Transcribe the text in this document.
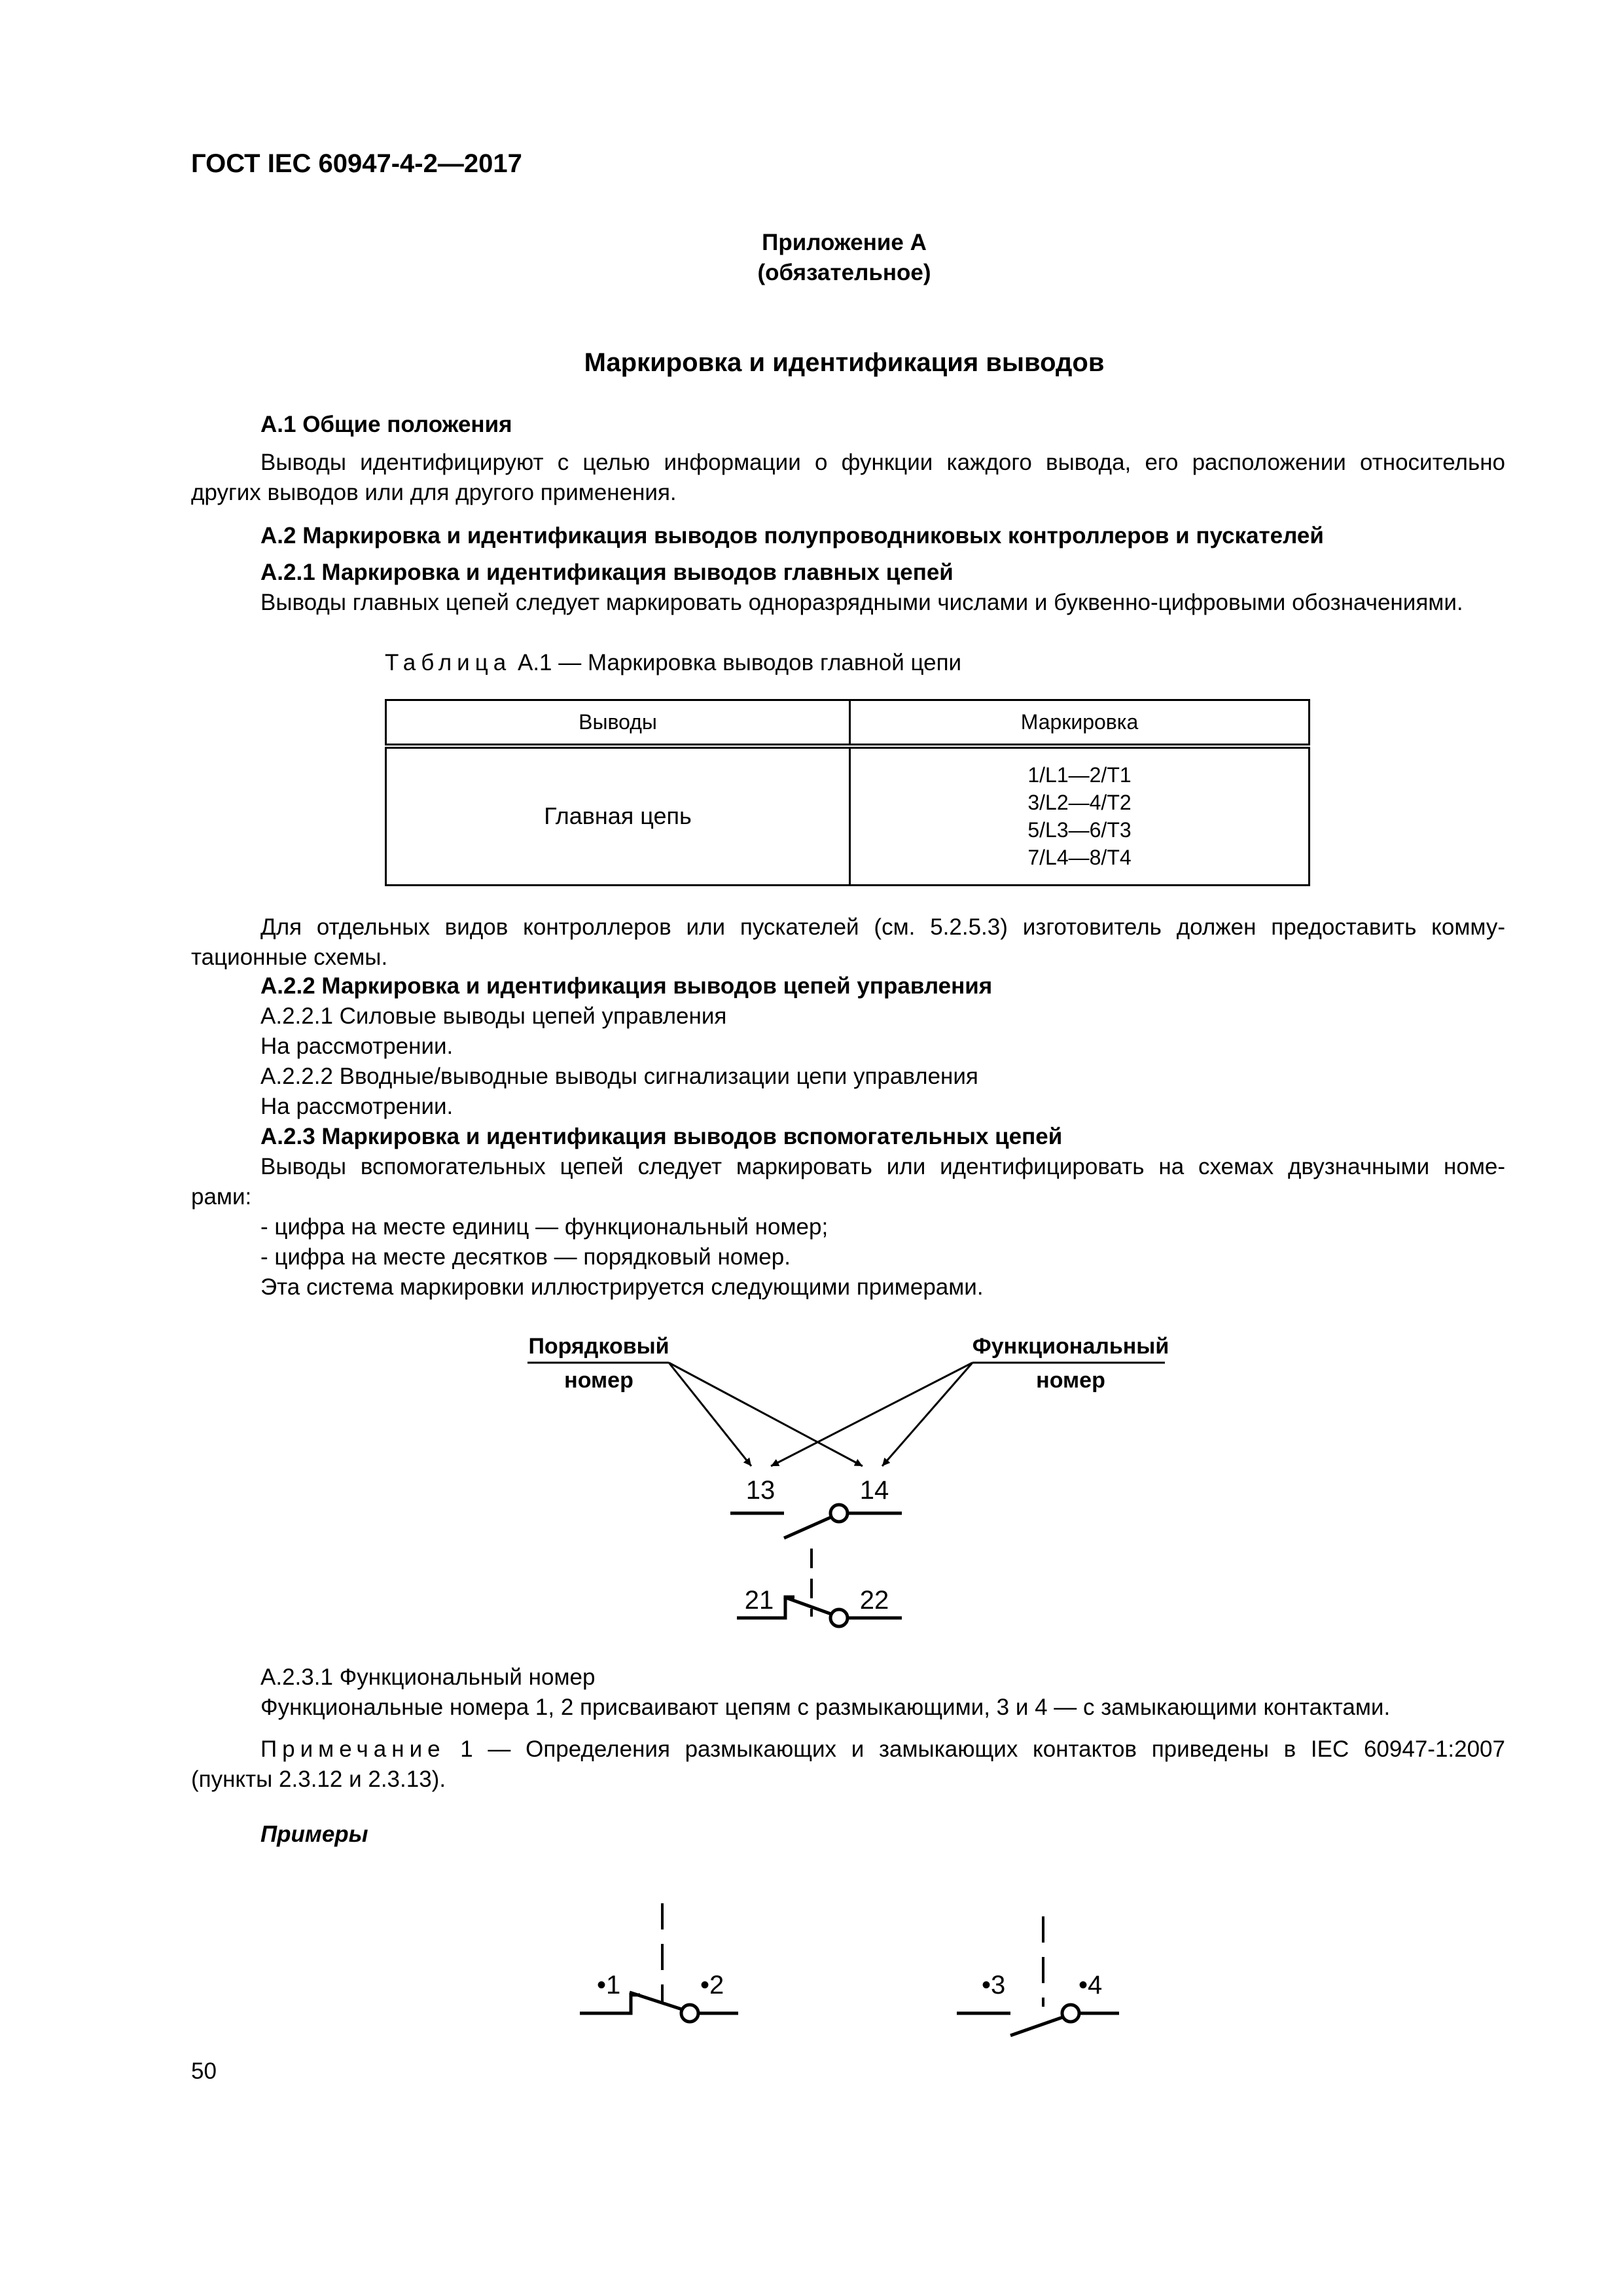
ГОСТ IEC 60947-4-2—2017
Приложение А
(обязательное)
Маркировка и идентификация выводов
А.1 Общие положения
Выводы идентифицируют с целью информации о функции каждого вывода, его расположении относительно
других выводов или для другого применения.
А.2 Маркировка и идентификация выводов полупроводниковых контроллеров и пускателей
А.2.1 Маркировка и идентификация выводов главных цепей
Выводы главных цепей следует маркировать одноразрядными числами и буквенно-цифровыми обозначениями.
Таблица А.1 — Маркировка выводов главной цепи
Выводы	Маркировка
Главная цепь	1/L1—2/T1
3/L2—4/T2
5/L3—6/T3
7/L4—8/T4
Для отдельных видов контроллеров или пускателей (см. 5.2.5.3) изготовитель должен предоставить комму-
тационные схемы.
А.2.2 Маркировка и идентификация выводов цепей управления
А.2.2.1 Силовые выводы цепей управления
На рассмотрении.
А.2.2.2 Вводные/выводные выводы сигнализации цепи управления
На рассмотрении.
А.2.3 Маркировка и идентификация выводов вспомогательных цепей
Выводы вспомогательных цепей следует маркировать или идентифицировать на схемах двузначными номе-
рами:
- цифра на месте единиц — функциональный номер;
- цифра на месте десятков — порядковый номер.
Эта система маркировки иллюстрируется следующими примерами.
Порядковый
номер
Функциональный
номер
13	14
21	22
•1	•2	•3	•4
А.2.3.1 Функциональный номер
Функциональные номера 1, 2 присваивают цепям с размыкающими, 3 и 4 — с замыкающими контактами.
Примечание 1 — Определения размыкающих и замыкающих контактов приведены в IEC 60947-1:2007
(пункты 2.3.12 и 2.3.13).
Примеры
50
